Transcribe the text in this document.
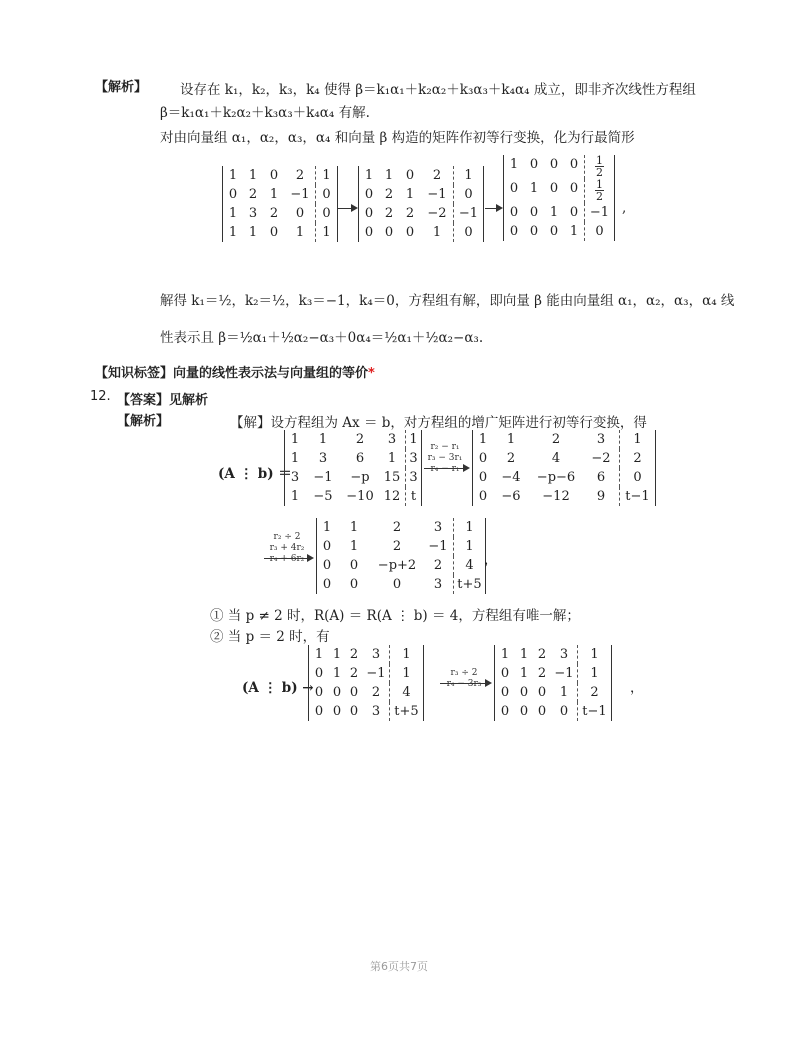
【解析】 设存在 k₁，k₂，k₃，k₄ 使得 β＝k₁α₁＋k₂α₂＋k₃α₃＋k₄α₄ 成立，即非齐次线性方程组
β＝k₁α₁＋k₂α₂＋k₃α₃＋k₄α₄ 有解.
对由向量组 α₁，α₂，α₃，α₄ 和向量 β 构造的矩阵作初等行变换，化为行最简形
1 1 0	2	1
0 2 1 −1 0
1 3 2	0	0
1 1 0	1	1
1 1 0	2	1
0 2 1	−1	0
0 2 2	−2 −1
0 0 0	1	0
1 0 0 0	$\frac{1}{2}$
0 1 0 0	$\frac{1}{2}$
0 0 1 0 −1
0 0 0 1	0
,
解得 k₁＝½，k₂＝½，k₃＝−1，k₄＝0，方程组有解，即向量 β 能由向量组 α₁，α₂，α₃，α₄ 线
性表示且 β＝½α₁＋½α₂−α₃＋0α₄＝½α₁＋½α₂−α₃.
【知识标签】向量的线性表示法与向量组的等价*
12. 【答案】见解析
【解析】	【解】设方程组为 Ax ＝ b，对方程组的增广矩阵进行初等行变换，得
(A ⋮ b) ＝
1	1	2	3	1
1	3	6	1	3
3	−1	−p	15 3
1	−5	−10 12 t
r₂ − r₁
r₃ − 3r₁
r₄ − r₁
1	1	2	3	1
0	2	4	−2	2
0	−4	−p−6	6	0
0	−6	−12	9	t−1
r₂ ÷ 2
r₃ + 4r₂
r₄ + 6r₂
1	1	2	3	1
0	1	2	−1	1
0	0	−p+2	2	4
0	0	0	3	t+5
，
① 当 p ≠ 2 时，R(A) ＝ R(A ⋮ b) ＝ 4，方程组有唯一解；
② 当 p ＝ 2 时，有
(A ⋮ b) →
1 1 2	3	1
0 1 2 −1	1
0 0 0	2	4
0 0 0	3	t+5
r₃ ÷ 2
r₄ − 3r₃
1 1 2	3	1
0 1 2 −1	1
0 0 0	1	2
0 0 0	0	t−1
，
第6页共7页
